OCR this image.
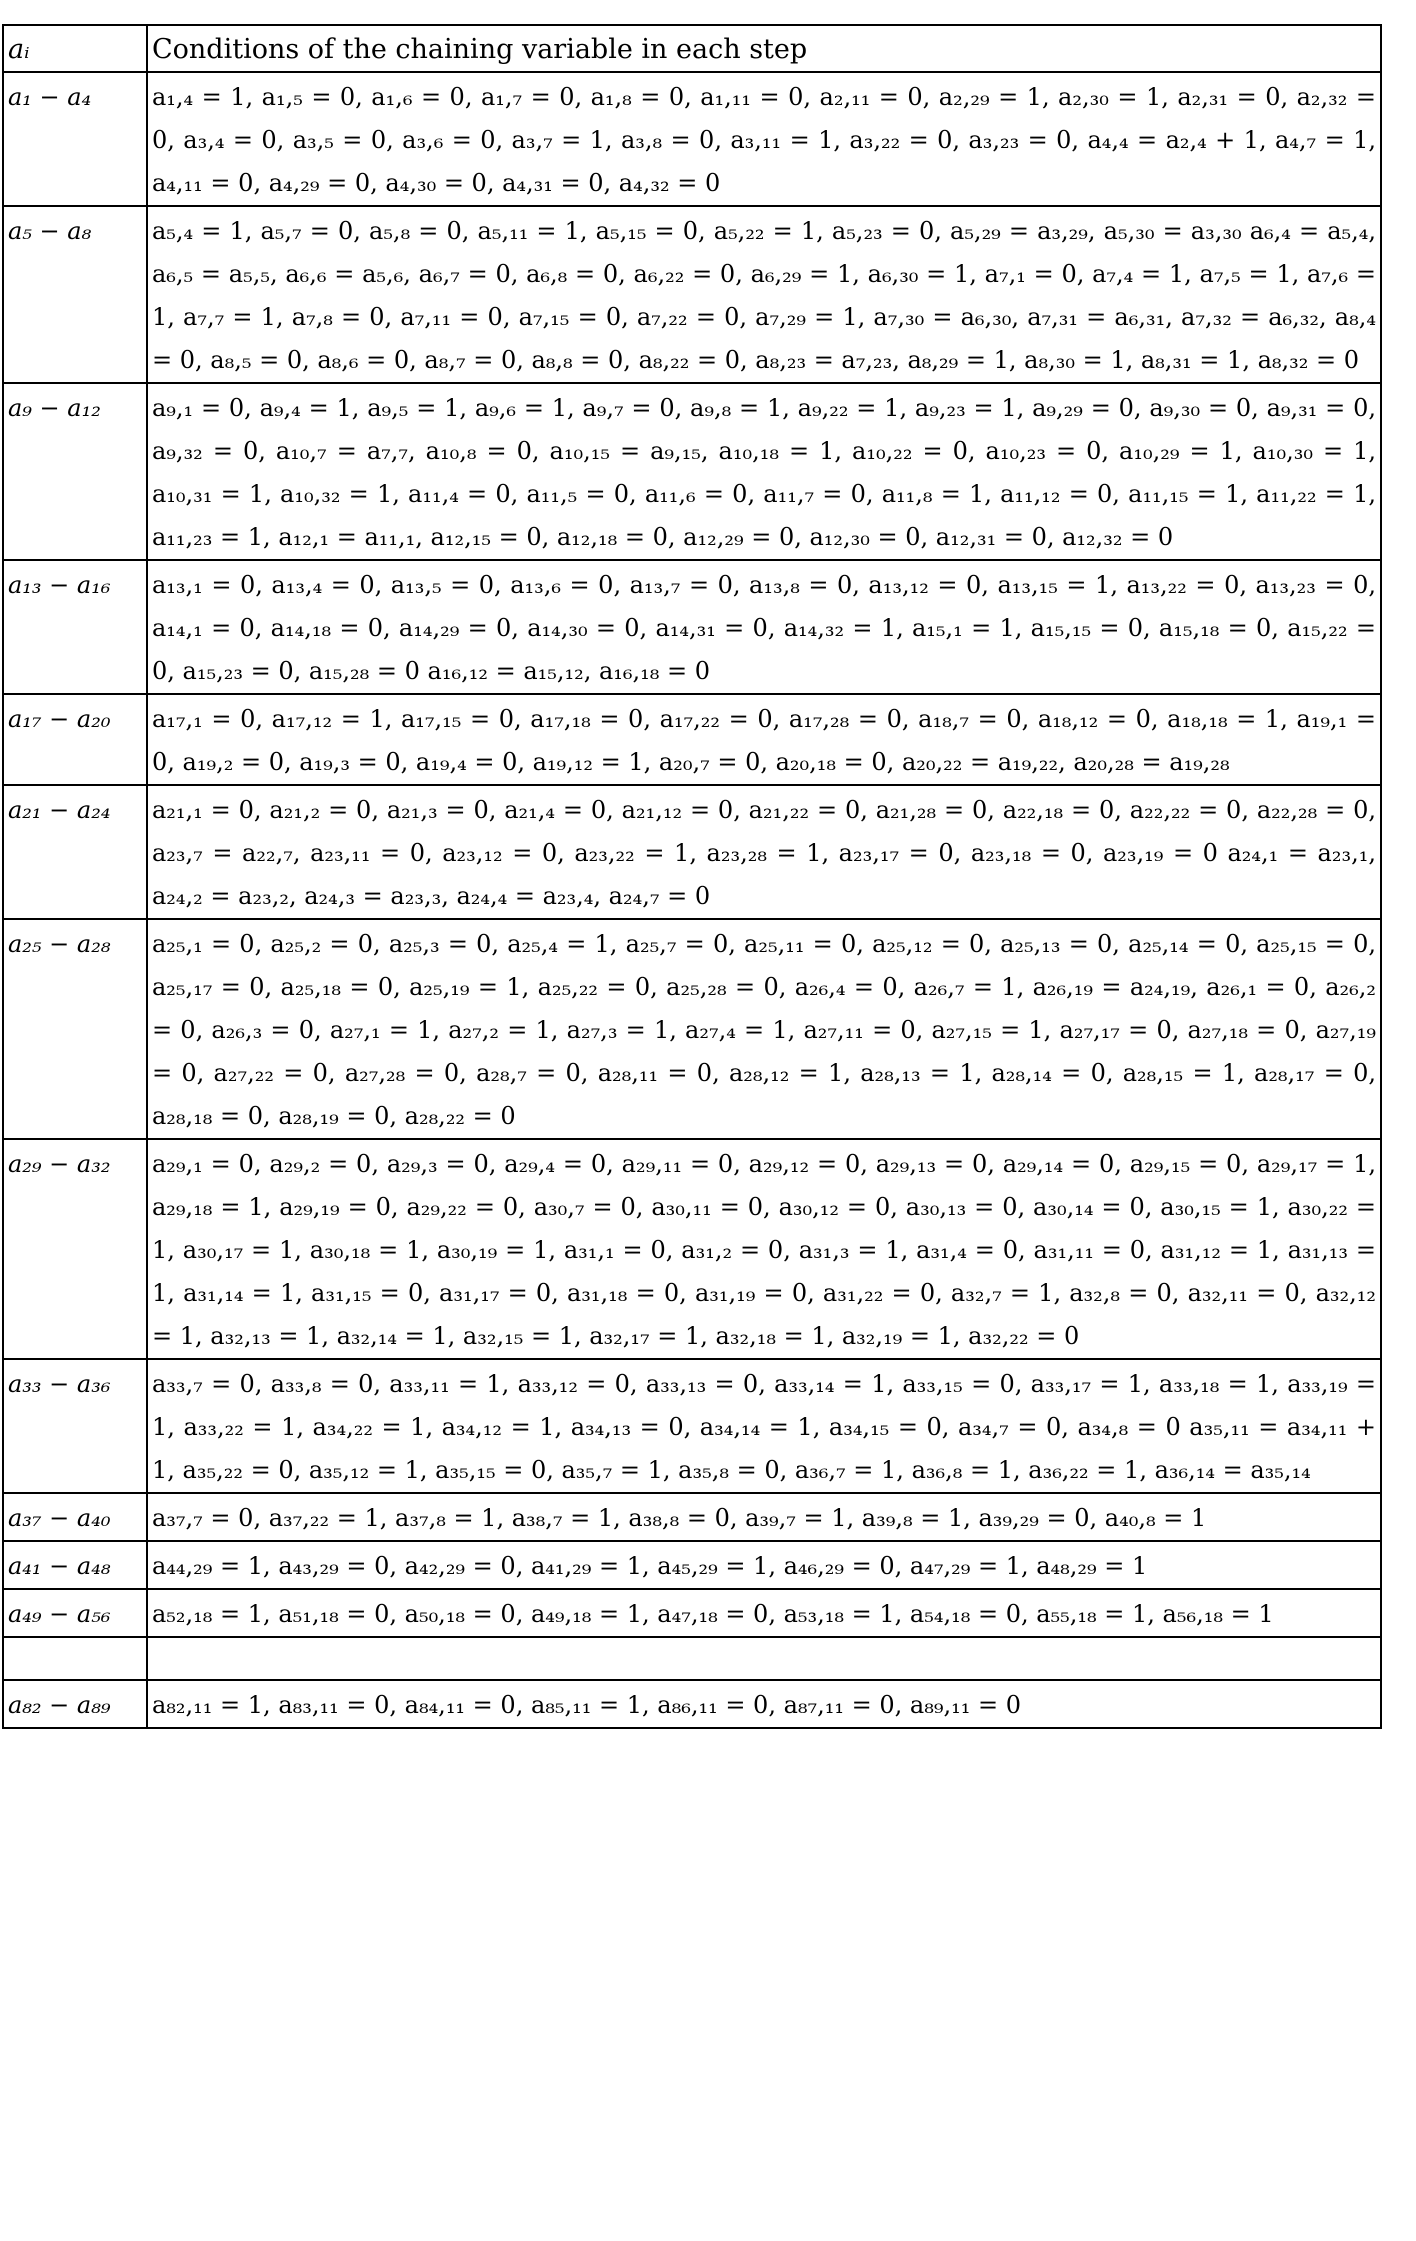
aᵢ	Conditions of the chaining variable in each step
a₁ − a₄	a₁,₄ = 1, a₁,₅ = 0, a₁,₆ = 0, a₁,₇ = 0, a₁,₈ = 0, a₁,₁₁ = 0, a₂,₁₁ = 0, a₂,₂₉ = 1, a₂,₃₀ = 1, a₂,₃₁ = 0, a₂,₃₂ = 0, a₃,₄ = 0, a₃,₅ = 0, a₃,₆ = 0, a₃,₇ = 1, a₃,₈ = 0, a₃,₁₁ = 1, a₃,₂₂ = 0, a₃,₂₃ = 0, a₄,₄ = a₂,₄ + 1, a₄,₇ = 1, a₄,₁₁ = 0, a₄,₂₉ = 0, a₄,₃₀ = 0, a₄,₃₁ = 0, a₄,₃₂ = 0
a₅ − a₈	a₅,₄ = 1, a₅,₇ = 0, a₅,₈ = 0, a₅,₁₁ = 1, a₅,₁₅ = 0, a₅,₂₂ = 1, a₅,₂₃ = 0, a₅,₂₉ = a₃,₂₉, a₅,₃₀ = a₃,₃₀ a₆,₄ = a₅,₄, a₆,₅ = a₅,₅, a₆,₆ = a₅,₆, a₆,₇ = 0, a₆,₈ = 0, a₆,₂₂ = 0, a₆,₂₉ = 1, a₆,₃₀ = 1, a₇,₁ = 0, a₇,₄ = 1, a₇,₅ = 1, a₇,₆ = 1, a₇,₇ = 1, a₇,₈ = 0, a₇,₁₁ = 0, a₇,₁₅ = 0, a₇,₂₂ = 0, a₇,₂₉ = 1, a₇,₃₀ = a₆,₃₀, a₇,₃₁ = a₆,₃₁, a₇,₃₂ = a₆,₃₂, a₈,₄ = 0, a₈,₅ = 0, a₈,₆ = 0, a₈,₇ = 0, a₈,₈ = 0, a₈,₂₂ = 0, a₈,₂₃ = a₇,₂₃, a₈,₂₉ = 1, a₈,₃₀ = 1, a₈,₃₁ = 1, a₈,₃₂ = 0
a₉ − a₁₂	a₉,₁ = 0, a₉,₄ = 1, a₉,₅ = 1, a₉,₆ = 1, a₉,₇ = 0, a₉,₈ = 1, a₉,₂₂ = 1, a₉,₂₃ = 1, a₉,₂₉ = 0, a₉,₃₀ = 0, a₉,₃₁ = 0, a₉,₃₂ = 0, a₁₀,₇ = a₇,₇, a₁₀,₈ = 0, a₁₀,₁₅ = a₉,₁₅, a₁₀,₁₈ = 1, a₁₀,₂₂ = 0, a₁₀,₂₃ = 0, a₁₀,₂₉ = 1, a₁₀,₃₀ = 1, a₁₀,₃₁ = 1, a₁₀,₃₂ = 1, a₁₁,₄ = 0, a₁₁,₅ = 0, a₁₁,₆ = 0, a₁₁,₇ = 0, a₁₁,₈ = 1, a₁₁,₁₂ = 0, a₁₁,₁₅ = 1, a₁₁,₂₂ = 1, a₁₁,₂₃ = 1, a₁₂,₁ = a₁₁,₁, a₁₂,₁₅ = 0, a₁₂,₁₈ = 0, a₁₂,₂₉ = 0, a₁₂,₃₀ = 0, a₁₂,₃₁ = 0, a₁₂,₃₂ = 0
a₁₃ − a₁₆	a₁₃,₁ = 0, a₁₃,₄ = 0, a₁₃,₅ = 0, a₁₃,₆ = 0, a₁₃,₇ = 0, a₁₃,₈ = 0, a₁₃,₁₂ = 0, a₁₃,₁₅ = 1, a₁₃,₂₂ = 0, a₁₃,₂₃ = 0, a₁₄,₁ = 0, a₁₄,₁₈ = 0, a₁₄,₂₉ = 0, a₁₄,₃₀ = 0, a₁₄,₃₁ = 0, a₁₄,₃₂ = 1, a₁₅,₁ = 1, a₁₅,₁₅ = 0, a₁₅,₁₈ = 0, a₁₅,₂₂ = 0, a₁₅,₂₃ = 0, a₁₅,₂₈ = 0 a₁₆,₁₂ = a₁₅,₁₂, a₁₆,₁₈ = 0
a₁₇ − a₂₀	a₁₇,₁ = 0, a₁₇,₁₂ = 1, a₁₇,₁₅ = 0, a₁₇,₁₈ = 0, a₁₇,₂₂ = 0, a₁₇,₂₈ = 0, a₁₈,₇ = 0, a₁₈,₁₂ = 0, a₁₈,₁₈ = 1, a₁₉,₁ = 0, a₁₉,₂ = 0, a₁₉,₃ = 0, a₁₉,₄ = 0, a₁₉,₁₂ = 1, a₂₀,₇ = 0, a₂₀,₁₈ = 0, a₂₀,₂₂ = a₁₉,₂₂, a₂₀,₂₈ = a₁₉,₂₈
a₂₁ − a₂₄	a₂₁,₁ = 0, a₂₁,₂ = 0, a₂₁,₃ = 0, a₂₁,₄ = 0, a₂₁,₁₂ = 0, a₂₁,₂₂ = 0, a₂₁,₂₈ = 0, a₂₂,₁₈ = 0, a₂₂,₂₂ = 0, a₂₂,₂₈ = 0, a₂₃,₇ = a₂₂,₇, a₂₃,₁₁ = 0, a₂₃,₁₂ = 0, a₂₃,₂₂ = 1, a₂₃,₂₈ = 1, a₂₃,₁₇ = 0, a₂₃,₁₈ = 0, a₂₃,₁₉ = 0 a₂₄,₁ = a₂₃,₁, a₂₄,₂ = a₂₃,₂, a₂₄,₃ = a₂₃,₃, a₂₄,₄ = a₂₃,₄, a₂₄,₇ = 0
a₂₅ − a₂₈	a₂₅,₁ = 0, a₂₅,₂ = 0, a₂₅,₃ = 0, a₂₅,₄ = 1, a₂₅,₇ = 0, a₂₅,₁₁ = 0, a₂₅,₁₂ = 0, a₂₅,₁₃ = 0, a₂₅,₁₄ = 0, a₂₅,₁₅ = 0, a₂₅,₁₇ = 0, a₂₅,₁₈ = 0, a₂₅,₁₉ = 1, a₂₅,₂₂ = 0, a₂₅,₂₈ = 0, a₂₆,₄ = 0, a₂₆,₇ = 1, a₂₆,₁₉ = a₂₄,₁₉, a₂₆,₁ = 0, a₂₆,₂ = 0, a₂₆,₃ = 0, a₂₇,₁ = 1, a₂₇,₂ = 1, a₂₇,₃ = 1, a₂₇,₄ = 1, a₂₇,₁₁ = 0, a₂₇,₁₅ = 1, a₂₇,₁₇ = 0, a₂₇,₁₈ = 0, a₂₇,₁₉ = 0, a₂₇,₂₂ = 0, a₂₇,₂₈ = 0, a₂₈,₇ = 0, a₂₈,₁₁ = 0, a₂₈,₁₂ = 1, a₂₈,₁₃ = 1, a₂₈,₁₄ = 0, a₂₈,₁₅ = 1, a₂₈,₁₇ = 0, a₂₈,₁₈ = 0, a₂₈,₁₉ = 0, a₂₈,₂₂ = 0
a₂₉ − a₃₂	a₂₉,₁ = 0, a₂₉,₂ = 0, a₂₉,₃ = 0, a₂₉,₄ = 0, a₂₉,₁₁ = 0, a₂₉,₁₂ = 0, a₂₉,₁₃ = 0, a₂₉,₁₄ = 0, a₂₉,₁₅ = 0, a₂₉,₁₇ = 1, a₂₉,₁₈ = 1, a₂₉,₁₉ = 0, a₂₉,₂₂ = 0, a₃₀,₇ = 0, a₃₀,₁₁ = 0, a₃₀,₁₂ = 0, a₃₀,₁₃ = 0, a₃₀,₁₄ = 0, a₃₀,₁₅ = 1, a₃₀,₂₂ = 1, a₃₀,₁₇ = 1, a₃₀,₁₈ = 1, a₃₀,₁₉ = 1, a₃₁,₁ = 0, a₃₁,₂ = 0, a₃₁,₃ = 1, a₃₁,₄ = 0, a₃₁,₁₁ = 0, a₃₁,₁₂ = 1, a₃₁,₁₃ = 1, a₃₁,₁₄ = 1, a₃₁,₁₅ = 0, a₃₁,₁₇ = 0, a₃₁,₁₈ = 0, a₃₁,₁₉ = 0, a₃₁,₂₂ = 0, a₃₂,₇ = 1, a₃₂,₈ = 0, a₃₂,₁₁ = 0, a₃₂,₁₂ = 1, a₃₂,₁₃ = 1, a₃₂,₁₄ = 1, a₃₂,₁₅ = 1, a₃₂,₁₇ = 1, a₃₂,₁₈ = 1, a₃₂,₁₉ = 1, a₃₂,₂₂ = 0
a₃₃ − a₃₆	a₃₃,₇ = 0, a₃₃,₈ = 0, a₃₃,₁₁ = 1, a₃₃,₁₂ = 0, a₃₃,₁₃ = 0, a₃₃,₁₄ = 1, a₃₃,₁₅ = 0, a₃₃,₁₇ = 1, a₃₃,₁₈ = 1, a₃₃,₁₉ = 1, a₃₃,₂₂ = 1, a₃₄,₂₂ = 1, a₃₄,₁₂ = 1, a₃₄,₁₃ = 0, a₃₄,₁₄ = 1, a₃₄,₁₅ = 0, a₃₄,₇ = 0, a₃₄,₈ = 0 a₃₅,₁₁ = a₃₄,₁₁ + 1, a₃₅,₂₂ = 0, a₃₅,₁₂ = 1, a₃₅,₁₅ = 0, a₃₅,₇ = 1, a₃₅,₈ = 0, a₃₆,₇ = 1, a₃₆,₈ = 1, a₃₆,₂₂ = 1, a₃₆,₁₄ = a₃₅,₁₄
a₃₇ − a₄₀	a₃₇,₇ = 0, a₃₇,₂₂ = 1, a₃₇,₈ = 1, a₃₈,₇ = 1, a₃₈,₈ = 0, a₃₉,₇ = 1, a₃₉,₈ = 1, a₃₉,₂₉ = 0, a₄₀,₈ = 1
a₄₁ − a₄₈	a₄₄,₂₉ = 1, a₄₃,₂₉ = 0, a₄₂,₂₉ = 0, a₄₁,₂₉ = 1, a₄₅,₂₉ = 1, a₄₆,₂₉ = 0, a₄₇,₂₉ = 1, a₄₈,₂₉ = 1
a₄₉ − a₅₆	a₅₂,₁₈ = 1, a₅₁,₁₈ = 0, a₅₀,₁₈ = 0, a₄₉,₁₈ = 1, a₄₇,₁₈ = 0, a₅₃,₁₈ = 1, a₅₄,₁₈ = 0, a₅₅,₁₈ = 1, a₅₆,₁₈ = 1

a₈₂ − a₈₉	a₈₂,₁₁ = 1, a₈₃,₁₁ = 0, a₈₄,₁₁ = 0, a₈₅,₁₁ = 1, a₈₆,₁₁ = 0, a₈₇,₁₁ = 0, a₈₉,₁₁ = 0
